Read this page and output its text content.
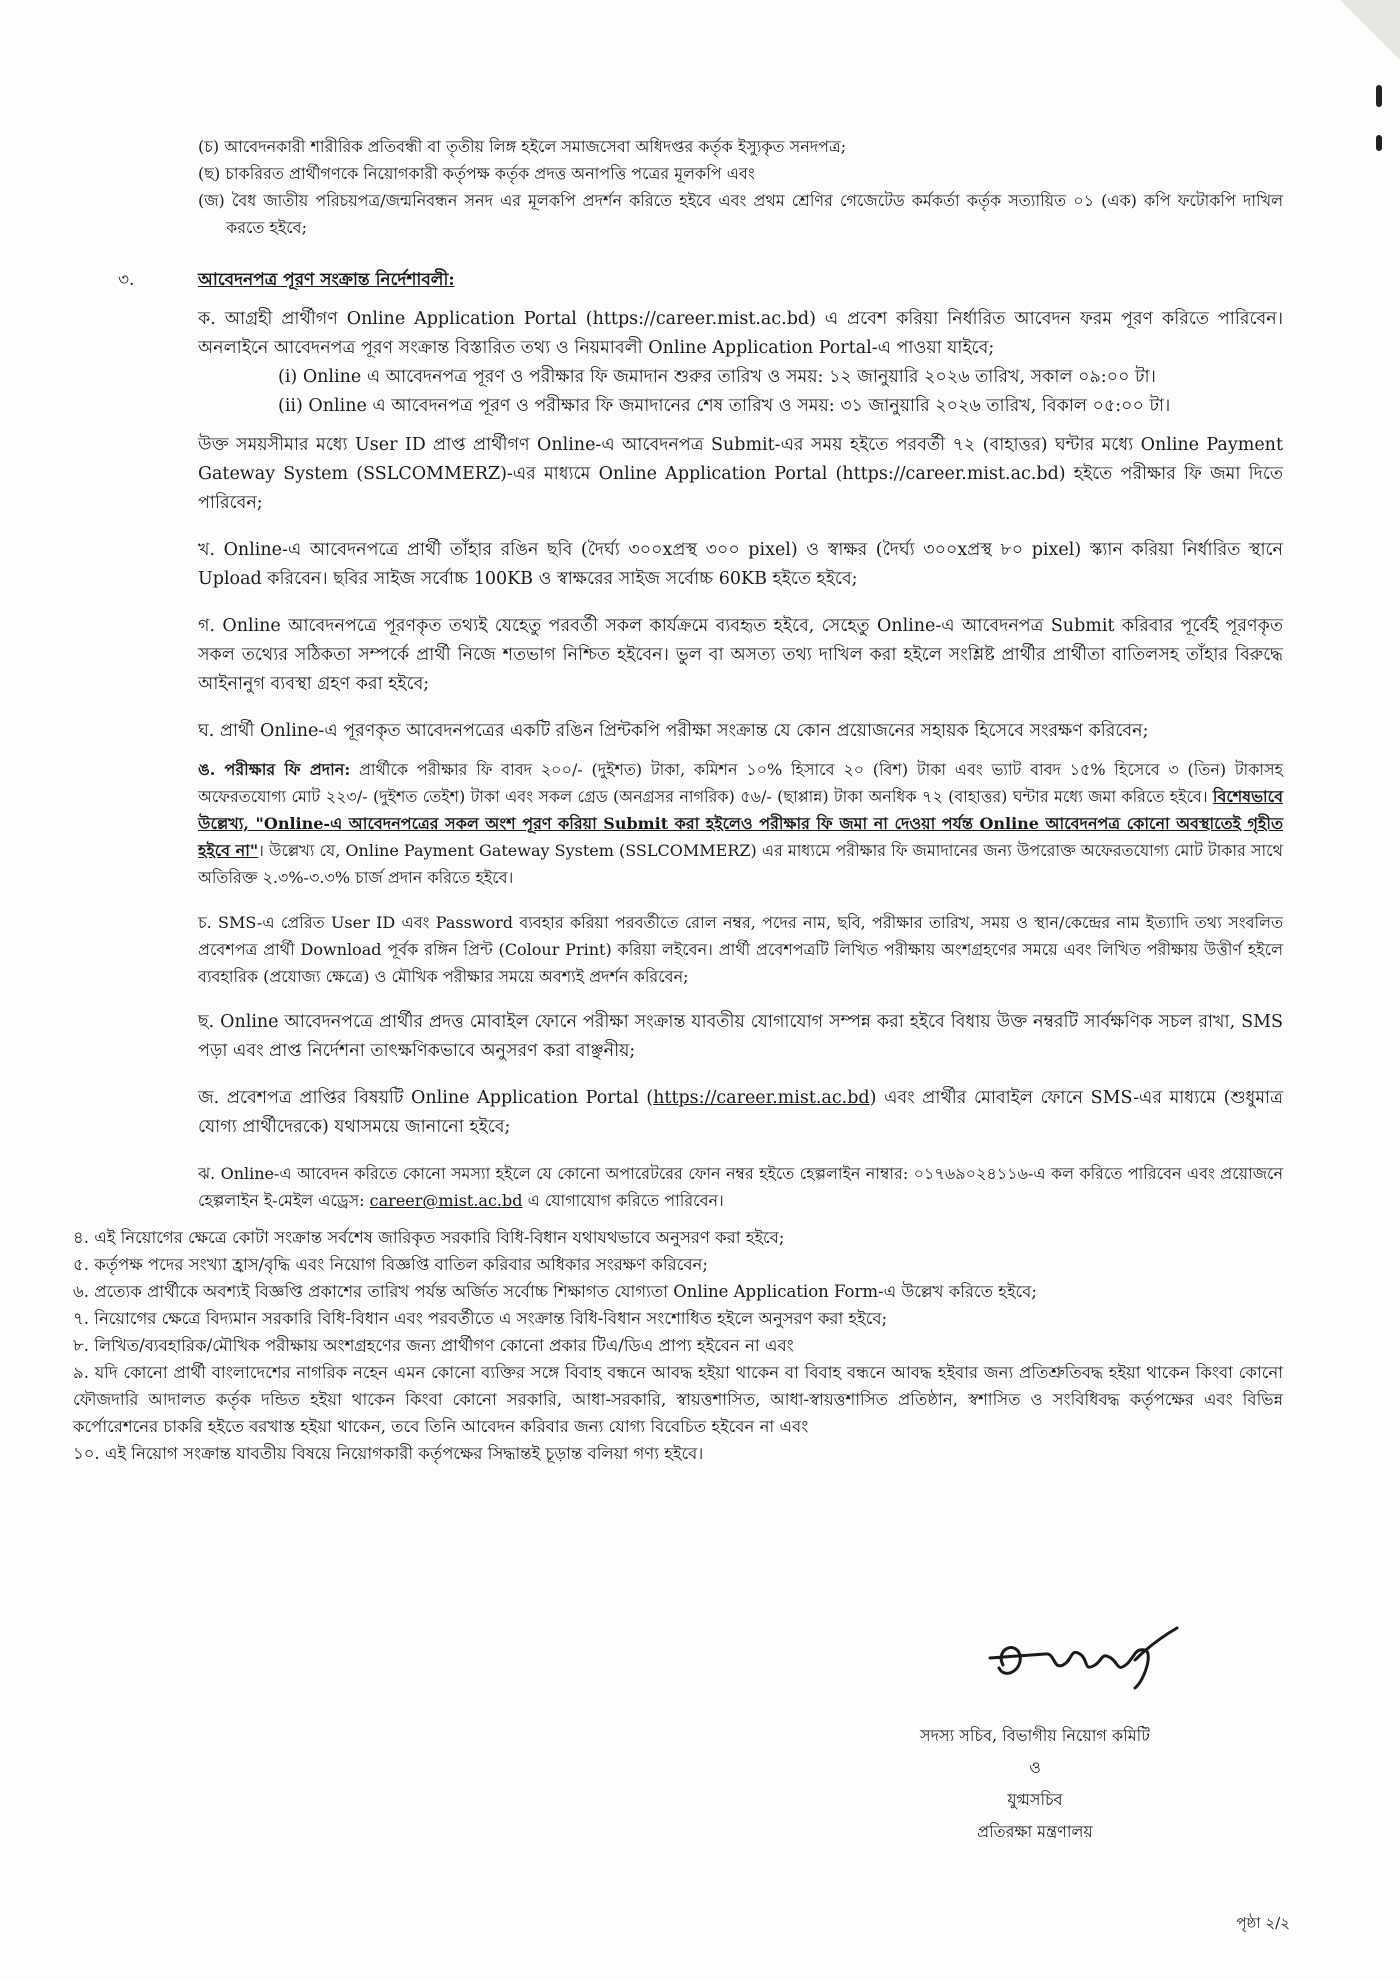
(চ) আবেদনকারী শারীরিক প্রতিবন্ধী বা তৃতীয় লিঙ্গ হইলে সমাজসেবা অধিদপ্তর কর্তৃক ইস্যুকৃত সনদপত্র;

(ছ) চাকরিরত প্রার্থীগণকে নিয়োগকারী কর্তৃপক্ষ কর্তৃক প্রদত্ত অনাপত্তি পত্রের মূলকপি এবং

(জ) বৈধ জাতীয় পরিচয়পত্র/জন্মনিবন্ধন সনদ এর মূলকপি প্রদর্শন করিতে হইবে এবং প্রথম শ্রেণির গেজেটেড কর্মকর্তা কর্তৃক সত্যায়িত ০১ (এক) কপি ফটোকপি দাখিল করতে হইবে;

৩.	আবেদনপত্র পূরণ সংক্রান্ত নির্দেশাবলী:

ক. আগ্রহী প্রার্থীগণ Online Application Portal (https://career.mist.ac.bd) এ প্রবেশ করিয়া নির্ধারিত আবেদন ফরম পূরণ করিতে পারিবেন। অনলাইনে আবেদনপত্র পূরণ সংক্রান্ত বিস্তারিত তথ্য ও নিয়মাবলী Online Application Portal-এ পাওয়া যাইবে;

(i) Online এ আবেদনপত্র পূরণ ও পরীক্ষার ফি জমাদান শুরুর তারিখ ও সময়: ১২ জানুয়ারি ২০২৬ তারিখ, সকাল ০৯:০০ টা।

(ii) Online এ আবেদনপত্র পূরণ ও পরীক্ষার ফি জমাদানের শেষ তারিখ ও সময়: ৩১ জানুয়ারি ২০২৬ তারিখ, বিকাল ০৫:০০ টা।

উক্ত সময়সীমার মধ্যে User ID প্রাপ্ত প্রার্থীগণ Online-এ আবেদনপত্র Submit-এর সময় হইতে পরবর্তী ৭২ (বাহাত্তর) ঘন্টার মধ্যে Online Payment Gateway System (SSLCOMMERZ)-এর মাধ্যমে Online Application Portal (https://career.mist.ac.bd) হইতে পরীক্ষার ফি জমা দিতে পারিবেন;

খ. Online-এ আবেদনপত্রে প্রার্থী তাঁহার রঙিন ছবি (দৈর্ঘ্য ৩০০xপ্রস্থ ৩০০ pixel) ও স্বাক্ষর (দৈর্ঘ্য ৩০০xপ্রস্থ ৮০ pixel) স্ক্যান করিয়া নির্ধারিত স্থানে Upload করিবেন। ছবির সাইজ সর্বোচ্চ 100KB ও স্বাক্ষরের সাইজ সর্বোচ্চ 60KB হইতে হইবে;

গ. Online আবেদনপত্রে পূরণকৃত তথ্যই যেহেতু পরবর্তী সকল কার্যক্রমে ব্যবহৃত হইবে, সেহেতু Online-এ আবেদনপত্র Submit করিবার পূর্বেই পূরণকৃত সকল তথ্যের সঠিকতা সম্পর্কে প্রার্থী নিজে শতভাগ নিশ্চিত হইবেন। ভুল বা অসত্য তথ্য দাখিল করা হইলে সংশ্লিষ্ট প্রার্থীর প্রার্থীতা বাতিলসহ তাঁহার বিরুদ্ধে আইনানুগ ব্যবস্থা গ্রহণ করা হইবে;

ঘ. প্রার্থী Online-এ পূরণকৃত আবেদনপত্রের একটি রঙিন প্রিন্টকপি পরীক্ষা সংক্রান্ত যে কোন প্রয়োজনের সহায়ক হিসেবে সংরক্ষণ করিবেন;

ঙ. পরীক্ষার ফি প্রদান: প্রার্থীকে পরীক্ষার ফি বাবদ ২০০/- (দুইশত) টাকা, কমিশন ১০% হিসাবে ২০ (বিশ) টাকা এবং ভ্যাট বাবদ ১৫% হিসেবে ৩ (তিন) টাকাসহ অফেরতযোগ্য মোট ২২৩/- (দুইশত তেইশ) টাকা এবং সকল গ্রেড (অনগ্রসর নাগরিক) ৫৬/- (ছাপ্পান্ন) টাকা অনধিক ৭২ (বাহাত্তর) ঘন্টার মধ্যে জমা করিতে হইবে। বিশেষভাবে উল্লেখ্য, "Online-এ আবেদনপত্রের সকল অংশ পূরণ করিয়া Submit করা হইলেও পরীক্ষার ফি জমা না দেওয়া পর্যন্ত Online আবেদনপত্র কোনো অবস্থাতেই গৃহীত হইবে না"। উল্লেখ্য যে, Online Payment Gateway System (SSLCOMMERZ) এর মাধ্যমে পরীক্ষার ফি জমাদানের জন্য উপরোক্ত অফেরতযোগ্য মোট টাকার সাথে অতিরিক্ত ২.৩%-৩.৩% চার্জ প্রদান করিতে হইবে।

চ. SMS-এ প্রেরিত User ID এবং Password ব্যবহার করিয়া পরবর্তীতে রোল নম্বর, পদের নাম, ছবি, পরীক্ষার তারিখ, সময় ও স্থান/কেন্দ্রের নাম ইত্যাদি তথ্য সংবলিত প্রবেশপত্র প্রার্থী Download পূর্বক রঙ্গিন প্রিন্ট (Colour Print) করিয়া লইবেন। প্রার্থী প্রবেশপত্রটি লিখিত পরীক্ষায় অংশগ্রহণের সময়ে এবং লিখিত পরীক্ষায় উত্তীর্ণ হইলে ব্যবহারিক (প্রযোজ্য ক্ষেত্রে) ও মৌখিক পরীক্ষার সময়ে অবশ্যই প্রদর্শন করিবেন;

ছ. Online আবেদনপত্রে প্রার্থীর প্রদত্ত মোবাইল ফোনে পরীক্ষা সংক্রান্ত যাবতীয় যোগাযোগ সম্পন্ন করা হইবে বিধায় উক্ত নম্বরটি সার্বক্ষণিক সচল রাখা, SMS পড়া এবং প্রাপ্ত নির্দেশনা তাৎক্ষণিকভাবে অনুসরণ করা বাঞ্ছনীয়;

জ. প্রবেশপত্র প্রাপ্তির বিষয়টি Online Application Portal (https://career.mist.ac.bd) এবং প্রার্থীর মোবাইল ফোনে SMS-এর মাধ্যমে (শুধুমাত্র যোগ্য প্রার্থীদেরকে) যথাসময়ে জানানো হইবে;

ঝ. Online-এ আবেদন করিতে কোনো সমস্যা হইলে যে কোনো অপারেটরের ফোন নম্বর হইতে হেল্পলাইন নাম্বার: ০১৭৬৯০২৪১১৬-এ কল করিতে পারিবেন এবং প্রয়োজনে হেল্পলাইন ই-মেইল এড্রেস: career@mist.ac.bd এ যোগাযোগ করিতে পারিবেন।

৪. এই নিয়োগের ক্ষেত্রে কোটা সংক্রান্ত সর্বশেষ জারিকৃত সরকারি বিধি-বিধান যথাযথভাবে অনুসরণ করা হইবে;

৫. কর্তৃপক্ষ পদের সংখ্যা হ্রাস/বৃদ্ধি এবং নিয়োগ বিজ্ঞপ্তি বাতিল করিবার অধিকার সংরক্ষণ করিবেন;

৬. প্রত্যেক প্রার্থীকে অবশ্যই বিজ্ঞপ্তি প্রকাশের তারিখ পর্যন্ত অর্জিত সর্বোচ্চ শিক্ষাগত যোগ্যতা Online Application Form-এ উল্লেখ করিতে হইবে;

৭. নিয়োগের ক্ষেত্রে বিদ্যমান সরকারি বিধি-বিধান এবং পরবর্তীতে এ সংক্রান্ত বিধি-বিধান সংশোধিত হইলে অনুসরণ করা হইবে;

৮. লিখিত/ব্যবহারিক/মৌখিক পরীক্ষায় অংশগ্রহণের জন্য প্রার্থীগণ কোনো প্রকার টিএ/ডিএ প্রাপ্য হইবেন না এবং

৯. যদি কোনো প্রার্থী বাংলাদেশের নাগরিক নহেন এমন কোনো ব্যক্তির সঙ্গে বিবাহ বন্ধনে আবদ্ধ হইয়া থাকেন বা বিবাহ বন্ধনে আবদ্ধ হইবার জন্য প্রতিশ্রুতিবদ্ধ হইয়া থাকেন কিংবা কোনো ফৌজদারি আদালত কর্তৃক দন্ডিত হইয়া থাকেন কিংবা কোনো সরকারি, আধা-সরকারি, স্বায়ত্তশাসিত, আধা-স্বায়ত্তশাসিত প্রতিষ্ঠান, স্বশাসিত ও সংবিধিবদ্ধ কর্তৃপক্ষের এবং বিভিন্ন কর্পোরেশনের চাকরি হইতে বরখাস্ত হইয়া থাকেন, তবে তিনি আবেদন করিবার জন্য যোগ্য বিবেচিত হইবেন না এবং

১০. এই নিয়োগ সংক্রান্ত যাবতীয় বিষয়ে নিয়োগকারী কর্তৃপক্ষের সিদ্ধান্তই চূড়ান্ত বলিয়া গণ্য হইবে।

সদস্য সচিব, বিভাগীয় নিয়োগ কমিটি

ও

যুগ্মসচিব

প্রতিরক্ষা মন্ত্রণালয়

পৃষ্ঠা ২/২
